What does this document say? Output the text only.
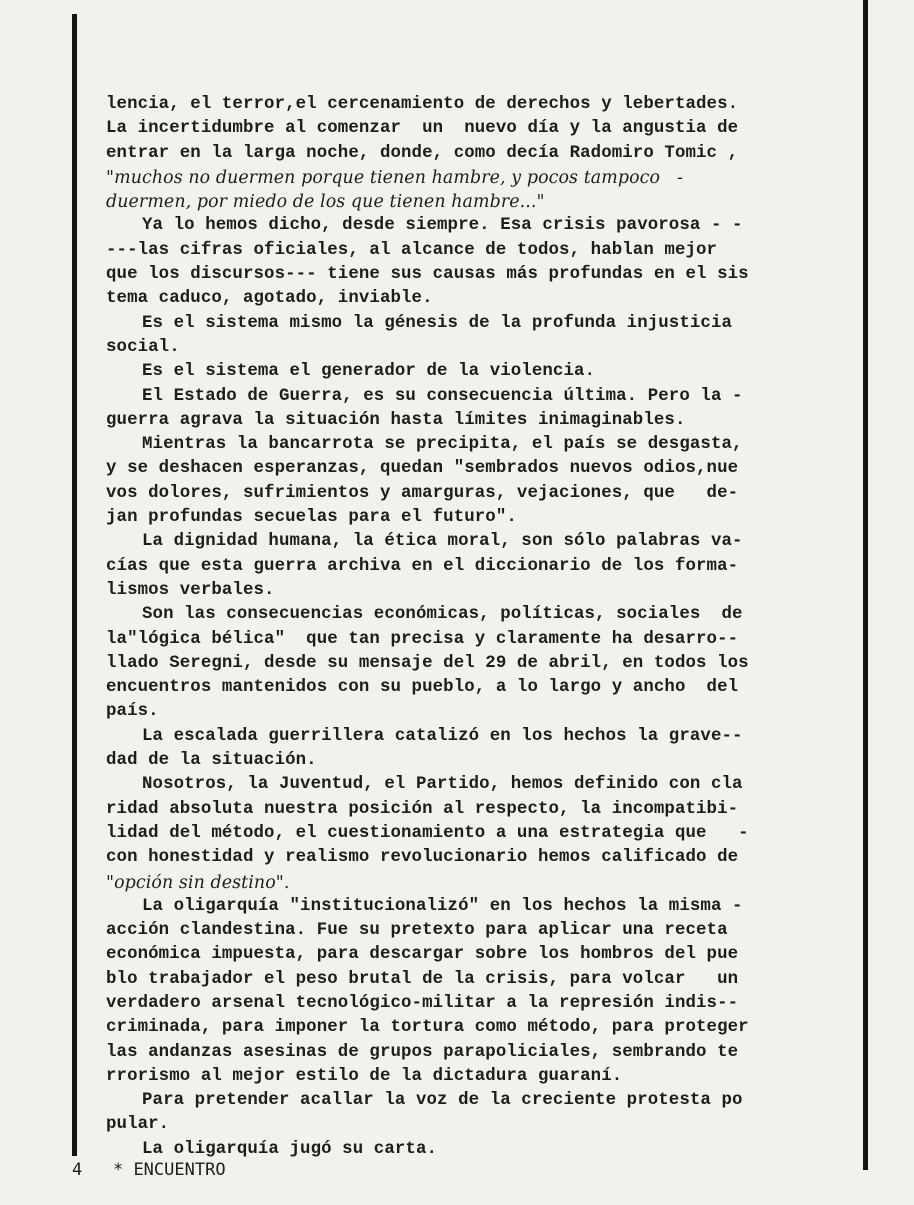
lencia, el terror,el cercenamiento de derechos y lebertades.
La incertidumbre al comenzar  un  nuevo día y la angustia de
entrar en la larga noche, donde, como decía Radomiro Tomic ,
"muchos no duermen porque tienen hambre, y pocos tampoco   -
duermen, por miedo de los que tienen hambre..."
Ya lo hemos dicho, desde siempre. Esa crisis pavorosa - -
---las cifras oficiales, al alcance de todos, hablan mejor
que los discursos--- tiene sus causas más profundas en el sis
tema caduco, agotado, inviable.
Es el sistema mismo la génesis de la profunda injusticia
social.
Es el sistema el generador de la violencia.
El Estado de Guerra, es su consecuencia última. Pero la -
guerra agrava la situación hasta límites inimaginables.
Mientras la bancarrota se precipita, el país se desgasta,
y se deshacen esperanzas, quedan "sembrados nuevos odios,nue
vos dolores, sufrimientos y amarguras, vejaciones, que   de-
jan profundas secuelas para el futuro".
La dignidad humana, la ética moral, son sólo palabras va-
cías que esta guerra archiva en el diccionario de los forma-
lismos verbales.
Son las consecuencias económicas, políticas, sociales  de
la"lógica bélica"  que tan precisa y claramente ha desarro--
llado Seregni, desde su mensaje del 29 de abril, en todos los
encuentros mantenidos con su pueblo, a lo largo y ancho  del
país.
La escalada guerrillera catalizó en los hechos la grave--
dad de la situación.
Nosotros, la Juventud, el Partido, hemos definido con cla
ridad absoluta nuestra posición al respecto, la incompatibi-
lidad del método, el cuestionamiento a una estrategia que   -
con honestidad y realismo revolucionario hemos calificado de
"opción sin destino".
La oligarquía "institucionalizó" en los hechos la misma -
acción clandestina. Fue su pretexto para aplicar una receta
económica impuesta, para descargar sobre los hombros del pue
blo trabajador el peso brutal de la crisis, para volcar   un
verdadero arsenal tecnológico-militar a la represión indis--
criminada, para imponer la tortura como método, para proteger
las andanzas asesinas de grupos parapoliciales, sembrando te
rrorismo al mejor estilo de la dictadura guaraní.
Para pretender acallar la voz de la creciente protesta po
pular.
La oligarquía jugó su carta.
4 * ENCUENTRO
